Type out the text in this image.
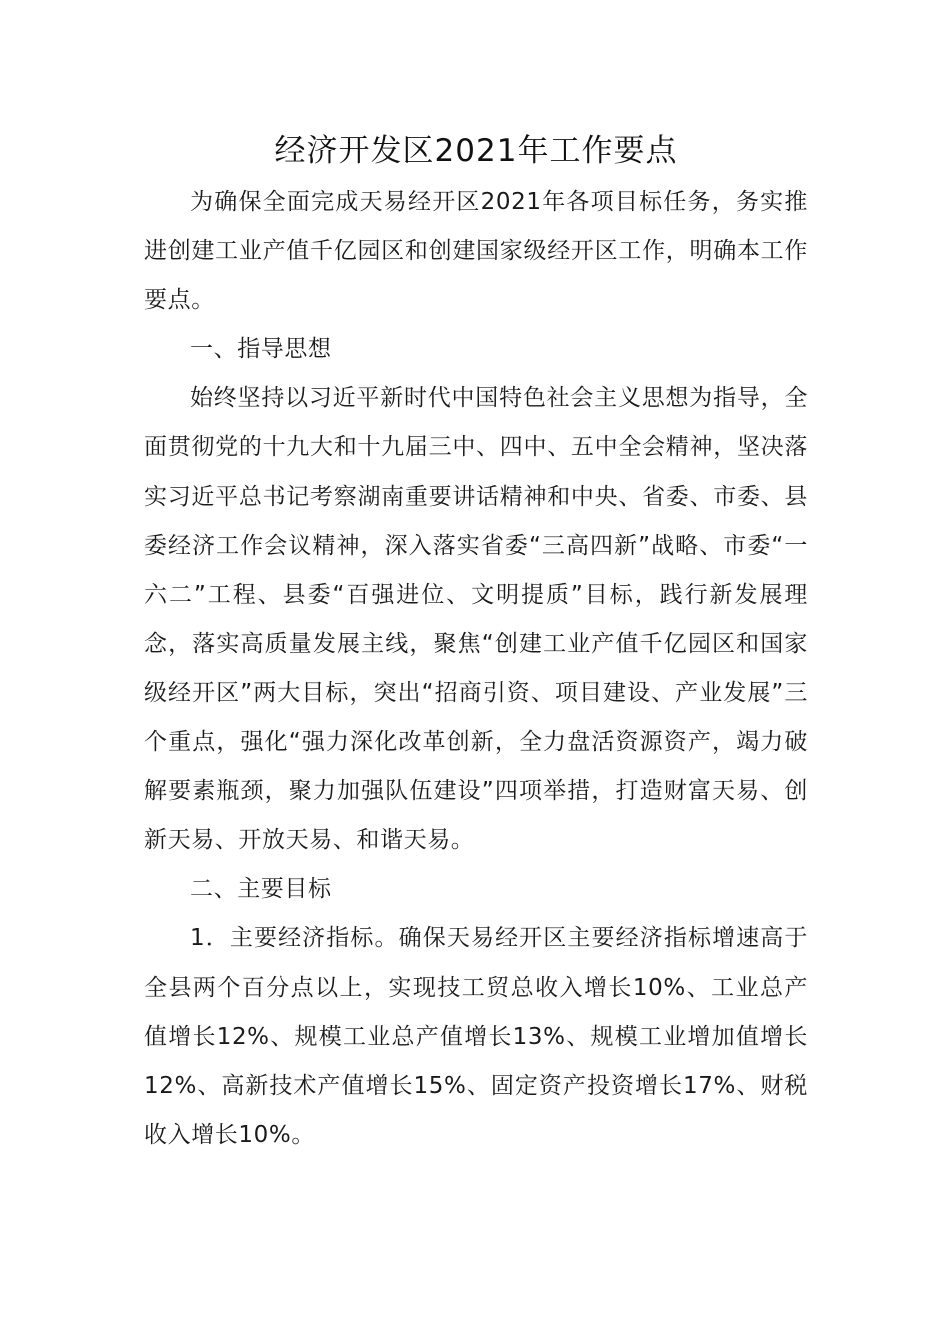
经济开发区2021年工作要点

为确保全面完成天易经开区2021年各项目标任务，务实推进创建工业产值千亿园区和创建国家级经开区工作，明确本工作要点。

一、指导思想

始终坚持以习近平新时代中国特色社会主义思想为指导，全面贯彻党的十九大和十九届三中、四中、五中全会精神，坚决落实习近平总书记考察湖南重要讲话精神和中央、省委、市委、县委经济工作会议精神，深入落实省委“三高四新”战略、市委“一六二”工程、县委“百强进位、文明提质”目标，践行新发展理念，落实高质量发展主线，聚焦“创建工业产值千亿园区和国家级经开区”两大目标，突出“招商引资、项目建设、产业发展”三个重点，强化“强力深化改革创新，全力盘活资源资产，竭力破解要素瓶颈，聚力加强队伍建设”四项举措，打造财富天易、创新天易、开放天易、和谐天易。

二、主要目标

1．主要经济指标。确保天易经开区主要经济指标增速高于全县两个百分点以上，实现技工贸总收入增长10%、工业总产值增长12%、规模工业总产值增长13%、规模工业增加值增长12%、高新技术产值增长15%、固定资产投资增长17%、财税收入增长10%。
